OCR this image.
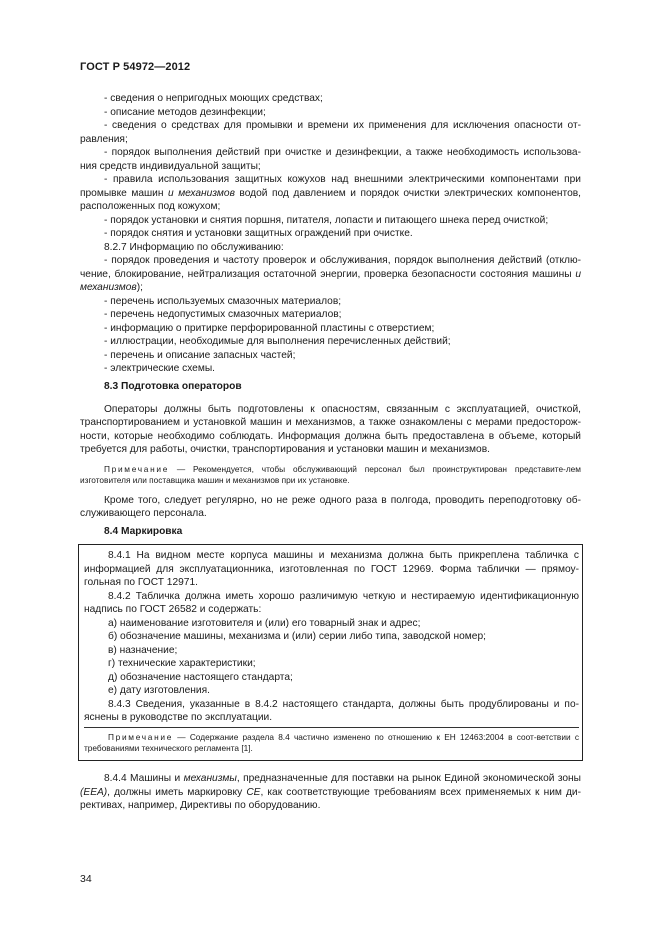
ГОСТ Р 54972—2012

- сведения о непригодных моющих средствах;

- описание методов дезинфекции;

- сведения о средствах для промывки и времени их применения для исключения опасности от-равления;

- порядок выполнения действий при очистке и дезинфекции, а также необходимость использова-ния средств индивидуальной защиты;

- правила использования защитных кожухов над внешними электрическими компонентами при промывке машин и механизмов водой под давлением и порядок очистки электрических компонентов, расположенных под кожухом;

- порядок установки и снятия поршня, питателя, лопасти и питающего шнека перед очисткой;

- порядок снятия и установки защитных ограждений при очистке.

8.2.7 Информацию по обслуживанию:

- порядок проведения и частоту проверок и обслуживания, порядок выполнения действий (отклю-чение, блокирование, нейтрализация остаточной энергии, проверка безопасности состояния машины и механизмов);

- перечень используемых смазочных материалов;

- перечень недопустимых смазочных материалов;

- информацию о притирке перфорированной пластины с отверстием;

- иллюстрации, необходимые для выполнения перечисленных действий;

- перечень и описание запасных частей;

- электрические схемы.

8.3 Подготовка операторов

Операторы должны быть подготовлены к опасностям, связанным с эксплуатацией, очисткой, транспортированием и установкой машин и механизмов, а также ознакомлены с мерами предосторож-ности, которые необходимо соблюдать. Информация должна быть предоставлена в объеме, который требуется для работы, очистки, транспортирования и установки машин и механизмов.

Примечание — Рекомендуется, чтобы обслуживающий персонал был проинструктирован представите-лем изготовителя или поставщика машин и механизмов при их установке.

Кроме того, следует регулярно, но не реже одного раза в полгода, проводить переподготовку об-служивающего персонала.

8.4 Маркировка

8.4.1 На видном месте корпуса машины и механизма должна быть прикреплена табличка с информацией для эксплуатационника, изготовленная по ГОСТ 12969. Форма таблички — прямоу-гольная по ГОСТ 12971.

8.4.2 Табличка должна иметь хорошо различимую четкую и нестираемую идентификационную надпись по ГОСТ 26582 и содержать:

а) наименование изготовителя и (или) его товарный знак и адрес;

б) обозначение машины, механизма и (или) серии либо типа, заводской номер;

в) назначение;

г) технические характеристики;

д) обозначение настоящего стандарта;

е) дату изготовления.

8.4.3 Сведения, указанные в 8.4.2 настоящего стандарта, должны быть продублированы и по-яснены в руководстве по эксплуатации.

Примечание — Содержание раздела 8.4 частично изменено по отношению к ЕН 12463:2004 в соот-ветствии с требованиями технического регламента [1].

8.4.4 Машины и механизмы, предназначенные для поставки на рынок Единой экономической зоны (ЕЕА), должны иметь маркировку СЕ, как соответствующие требованиям всех применяемых к ним ди-рективах, например, Директивы по оборудованию.

34
